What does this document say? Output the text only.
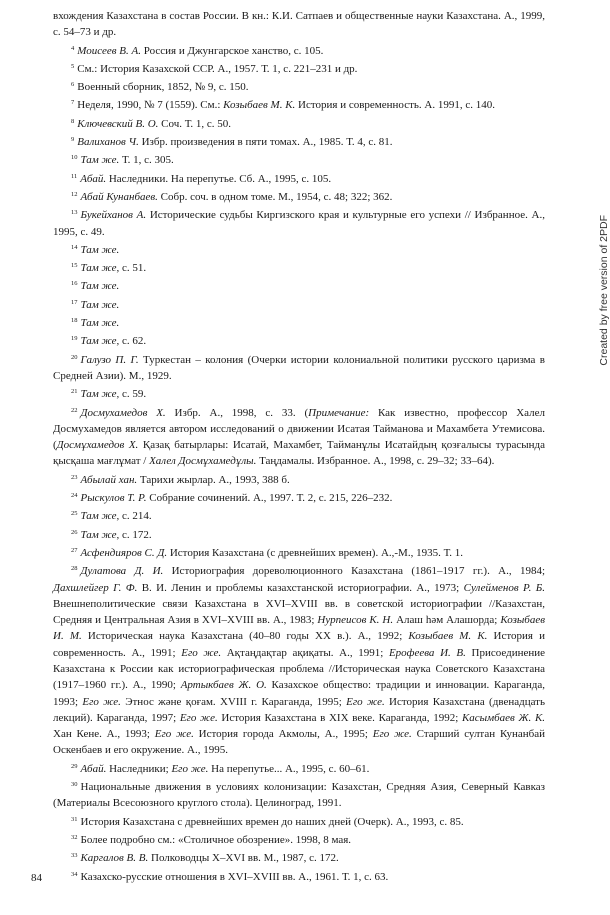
вхождения Казахстана в состав России. В кн.: К.И. Сатпаев и общественные науки Казахстана. А., 1999, с. 54–73 и др.

$^4$ Моисеев В. А. Россия и Джунгарское ханство, с. 105.

$^5$ См.: История Казахской ССР. А., 1957. Т. 1, с. 221–231 и др.

$^6$ Военный сборник, 1852, № 9, с. 150.

$^7$ Неделя, 1990, № 7 (1559). См.: Козыбаев М. К. История и современность. А. 1991, с. 140.

$^8$ Ключевский В. О. Соч. Т. 1, с. 50.

$^9$ Валиханов Ч. Избр. произведения в пяти томах. А., 1985. Т. 4, с. 81.

$^{10}$ Там же. Т. 1, с. 305.

$^{11}$ Абай. Наследники. На перепутье. Сб. А., 1995, с. 105.

$^{12}$ Абай Кунанбаев. Собр. соч. в одном томе. М., 1954, с. 48; 322; 362.

$^{13}$ Букейханов А. Исторические судьбы Киргизского края и культурные его успехи // Избранное. А., 1995, с. 49.

$^{14}$ Там же.

$^{15}$ Там же, с. 51.

$^{16}$ Там же.

$^{17}$ Там же.

$^{18}$ Там же.

$^{19}$ Там же, с. 62.

$^{20}$ Галузо П. Г. Туркестан – колония (Очерки истории колониальной политики русского царизма в Средней Азии). М., 1929.

$^{21}$ Там же, с. 59.

$^{22}$ Досмухамедов Х. Избр. А., 1998, с. 33. (Примечание: Как известно, профессор Халел Досмухамедов является автором исследований о движении Исатая Тайманова и Махамбета Утемисова. (Досмұхамедов Х. Қазақ батырлары: Исатай, Махамбет, Тайманұлы Исатайдың қозғалысы турасында қысқаша мағлұмат / Халел Досмұхамедұлы. Таңдамалы. Избранное. А., 1998, с. 29–32; 33–64).

$^{23}$ Абылай хан. Тарихи жырлар. А., 1993, 388 б.

$^{24}$ Рыскулов Т. Р. Собрание сочинений. А., 1997. Т. 2, с. 215, 226–232.

$^{25}$ Там же, с. 214.

$^{26}$ Там же, с. 172.

$^{27}$ Асфендияров С. Д. История Казахстана (с древнейших времен). А.,-М., 1935. Т. 1.

$^{28}$ Дулатова Д. И. Историография дореволюционного Казахстана (1861–1917 гг.). А., 1984; Дахшлейгер Г. Ф. В. И. Ленин и проблемы казахстанской историографии. А., 1973; Сулейменов Р. Б. Внешнеполитические связи Казахстана в XVI–XVIII вв. в советской историографии //Казахстан, Средняя и Центральная Азия в XVI–XVIII вв. А., 1983; Нурпеисов К. Н. Алаш һәм Алашорда; Козыбаев И. М. Историческая наука Казахстана (40–80 годы XX в.). А., 1992; Козыбаев М. К. История и современность. А., 1991; Его же. Ақтаңдақтар ақиқаты. А., 1991; Ерофеева И. В. Присоединение Казахстана к России как историографическая проблема //Историческая наука Советского Казахстана (1917–1960 гг.). А., 1990; Артыкбаев Ж. О. Казахское общество: традиции и инновации. Караганда, 1993; Его же. Этнос және қоғам. XVIII г. Караганда, 1995; Его же. История Казахстана (двенадцать лекций). Караганда, 1997; Его же. История Казахстана в XIX веке. Караганда, 1992; Касымбаев Ж. К. Хан Кене. А., 1993; Его же. История города Акмолы, А., 1995; Его же. Старший султан Кунанбай Оскенбаев и его окружение. А., 1995.

$^{29}$ Абай. Наследники; Его же. На перепутье... А., 1995, с. 60–61.

$^{30}$ Национальные движения в условиях колонизации: Казахстан, Средняя Азия, Северный Кавказ (Материалы Всесоюзного круглого стола). Целиноград, 1991.

$^{31}$ История Казахстана с древнейших времен до наших дней (Очерк). А., 1993, с. 85.

$^{32}$ Более подробно см.: «Столичное обозрение». 1998, 8 мая.

$^{33}$ Каргалов В. В. Полководцы X–XVI вв. М., 1987, с. 172.

$^{34}$ Казахско-русские отношения в XVI–XVIII вв. А., 1961. Т. 1, с. 63.

Created by free version of 2PDF
84
